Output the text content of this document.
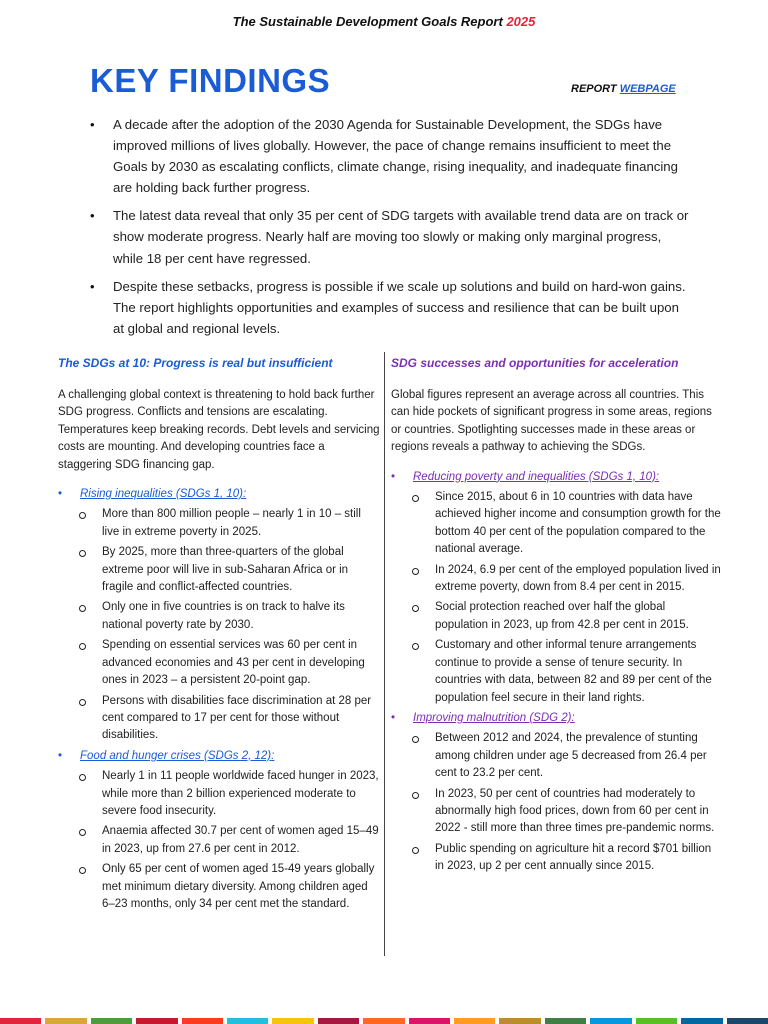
The Sustainable Development Goals Report 2025
KEY FINDINGS	REPORT WEBPAGE
• A decade after the adoption of the 2030 Agenda for Sustainable Development, the SDGs have improved millions of lives globally. However, the pace of change remains insufficient to meet the Goals by 2030 as escalating conflicts, climate change, rising inequality, and inadequate financing are holding back further progress.
• The latest data reveal that only 35 per cent of SDG targets with available trend data are on track or show moderate progress. Nearly half are moving too slowly or making only marginal progress, while 18 per cent have regressed.
• Despite these setbacks, progress is possible if we scale up solutions and build on hard-won gains. The report highlights opportunities and examples of success and resilience that can be built upon at global and regional levels.
The SDGs at 10: Progress is real but insufficient

A challenging global context is threatening to hold back further SDG progress. Conflicts and tensions are escalating. Temperatures keep breaking records. Debt levels and servicing costs are mounting. And developing countries face a staggering SDG financing gap.

• Rising inequalities (SDGs 1, 10):
More than 800 million people – nearly 1 in 10 – still live in extreme poverty in 2025.
By 2025, more than three-quarters of the global extreme poor will live in sub-Saharan Africa or in fragile and conflict-affected countries.
Only one in five countries is on track to halve its national poverty rate by 2030.
Spending on essential services was 60 per cent in advanced economies and 43 per cent in developing ones in 2023 – a persistent 20-point gap.
Persons with disabilities face discrimination at 28 per cent compared to 17 per cent for those without disabilities.
• Food and hunger crises (SDGs 2, 12):
Nearly 1 in 11 people worldwide faced hunger in 2023, while more than 2 billion experienced moderate to severe food insecurity.
Anaemia affected 30.7 per cent of women aged 15–49 in 2023, up from 27.6 per cent in 2012.
Only 65 per cent of women aged 15-49 years globally met minimum dietary diversity. Among children aged 6–23 months, only 34 per cent met the standard.
SDG successes and opportunities for acceleration

Global figures represent an average across all countries. This can hide pockets of significant progress in some areas, regions or countries. Spotlighting successes made in these areas or regions reveals a pathway to achieving the SDGs.

• Reducing poverty and inequalities (SDGs 1, 10):
Since 2015, about 6 in 10 countries with data have achieved higher income and consumption growth for the bottom 40 per cent of the population compared to the national average.
In 2024, 6.9 per cent of the employed population lived in extreme poverty, down from 8.4 per cent in 2015.
Social protection reached over half the global population in 2023, up from 42.8 per cent in 2015.
Customary and other informal tenure arrangements continue to provide a sense of tenure security. In countries with data, between 82 and 89 per cent of the population feel secure in their land rights.
• Improving malnutrition (SDG 2):
Between 2012 and 2024, the prevalence of stunting among children under age 5 decreased from 26.4 per cent to 23.2 per cent.
In 2023, 50 per cent of countries had moderately to abnormally high food prices, down from 60 per cent in 2022 - still more than three times pre-pandemic norms.
Public spending on agriculture hit a record $701 billion in 2023, up 2 per cent annually since 2015.
